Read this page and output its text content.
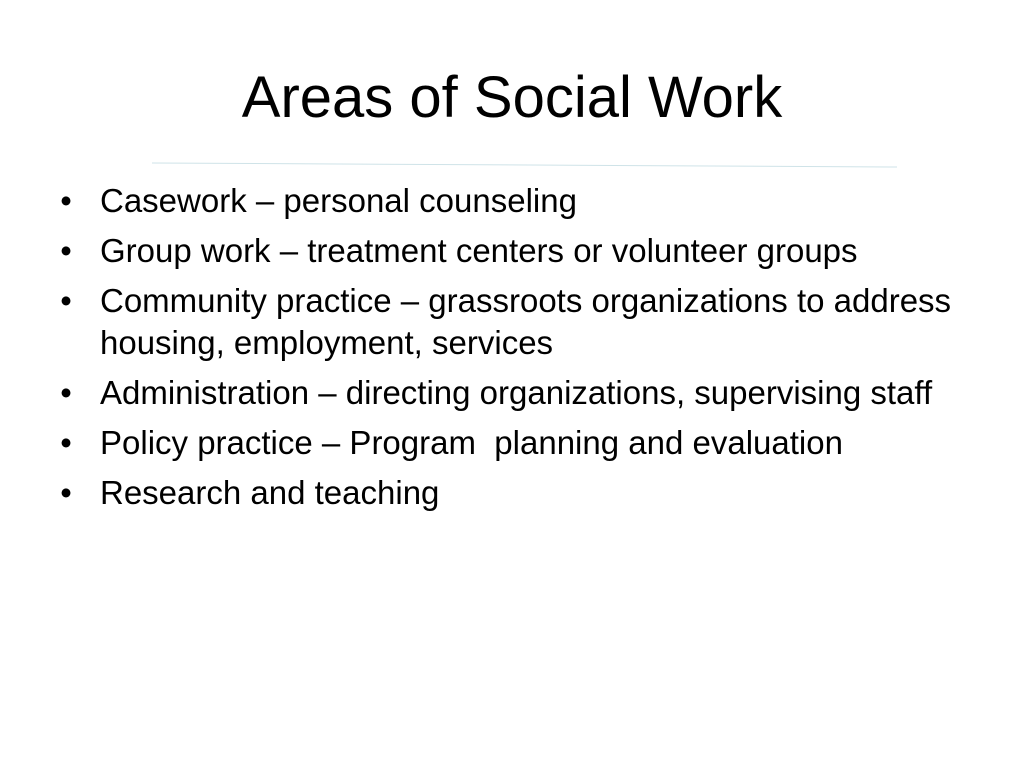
Areas of Social Work
• Casework – personal counseling
• Group work – treatment centers or volunteer groups
• Community practice – grassroots organizations to address housing, employment, services
• Administration – directing organizations, supervising staff
• Policy practice – Program  planning and evaluation
• Research and teaching
